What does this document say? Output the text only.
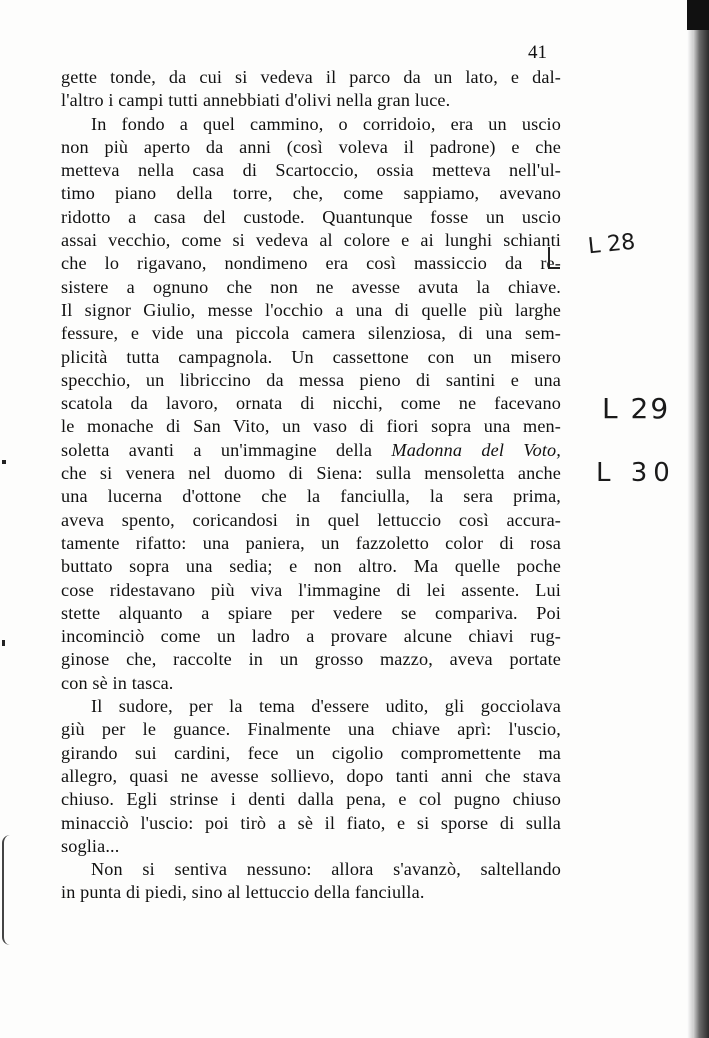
41
gette tonde, da cui si vedeva il parco da un lato, e dal-
l'altro i campi tutti annebbiati d'olivi nella gran luce.
In fondo a quel cammino, o corridoio, era un uscio
non più aperto da anni (così voleva il padrone) e che
metteva nella casa di Scartoccio, ossia metteva nell'ul-
timo piano della torre, che, come sappiamo, avevano
ridotto a casa del custode. Quantunque fosse un uscio
assai vecchio, come si vedeva al colore e ai lunghi schianti
che lo rigavano, nondimeno era così massiccio da re-
sistere a ognuno che non ne avesse avuta la chiave.
Il signor Giulio, messe l'occhio a una di quelle più larghe
fessure, e vide una piccola camera silenziosa, di una sem-
plicità tutta campagnola. Un cassettone con un misero
specchio, un libriccino da messa pieno di santini e una
scatola da lavoro, ornata di nicchi, come ne facevano
le monache di San Vito, un vaso di fiori sopra una men-
soletta avanti a un'immagine della Madonna del Voto,
che si venera nel duomo di Siena: sulla mensoletta anche
una lucerna d'ottone che la fanciulla, la sera prima,
aveva spento, coricandosi in quel lettuccio così accura-
tamente rifatto: una paniera, un fazzoletto color di rosa
buttato sopra una sedia; e non altro. Ma quelle poche
cose ridestavano più viva l'immagine di lei assente. Lui
stette alquanto a spiare per vedere se compariva. Poi
incominciò come un ladro a provare alcune chiavi rug-
ginose che, raccolte in un grosso mazzo, aveva portate
con sè in tasca.
Il sudore, per la tema d'essere udito, gli gocciolava
giù per le guance. Finalmente una chiave aprì: l'uscio,
girando sui cardini, fece un cigolio compromettente ma
allegro, quasi ne avesse sollievo, dopo tanti anni che stava
chiuso. Egli strinse i denti dalla pena, e col pugno chiuso
minacciò l'uscio: poi tirò a sè il fiato, e si sporse di sulla
soglia...
Non si sentiva nessuno: allora s'avanzò, saltellando
in punta di piedi, sino al lettuccio della fanciulla.
L 28
L 29
L 30
